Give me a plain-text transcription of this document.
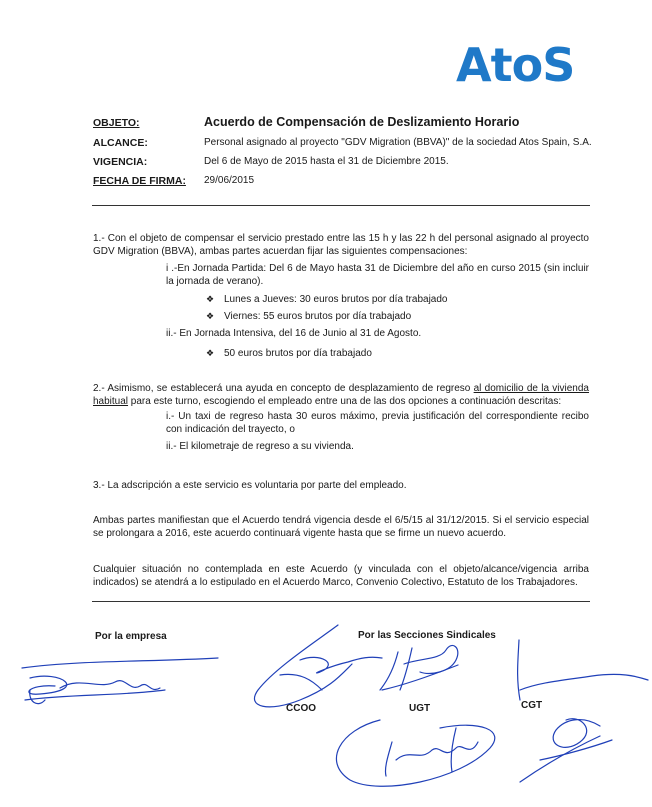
AtoS
OBJETO:	Acuerdo de Compensación de Deslizamiento Horario
ALCANCE:	Personal asignado al proyecto "GDV Migration (BBVA)" de la sociedad Atos Spain, S.A.
VIGENCIA:	Del 6 de Mayo de 2015 hasta el 31 de Diciembre 2015.
FECHA DE FIRMA: 29/06/2015
1.- Con el objeto de compensar el servicio prestado entre las 15 h y las 22 h del personal asignado al proyecto GDV Migration (BBVA), ambas partes acuerdan fijar las siguientes compensaciones:
i .-En Jornada Partida: Del 6 de Mayo hasta 31 de Diciembre del año en curso 2015 (sin incluir la jornada de verano).
❖ Lunes a Jueves: 30 euros brutos por día trabajado
❖ Viernes: 55 euros brutos por día trabajado
ii.- En Jornada Intensiva, del 16 de Junio al 31 de Agosto.
❖ 50 euros brutos por día trabajado
2.- Asimismo, se establecerá una ayuda en concepto de desplazamiento de regreso al domicilio de la vivienda habitual para este turno, escogiendo el empleado entre una de las dos opciones a continuación descritas:
i.- Un taxi de regreso hasta 30 euros máximo, previa justificación del correspondiente recibo con indicación del trayecto, o
ii.- El kilometraje de regreso a su vivienda.
3.- La adscripción a este servicio es voluntaria por parte del empleado.
Ambas partes manifiestan que el Acuerdo tendrá vigencia desde el 6/5/15 al 31/12/2015. Si el servicio especial se prolongara a 2016, este acuerdo continuará vigente hasta que se firme un nuevo acuerdo.
Cualquier situación no contemplada en este Acuerdo (y vinculada con el objeto/alcance/vigencia arriba indicados) se atendrá a lo estipulado en el Acuerdo Marco, Convenio Colectivo, Estatuto de los Trabajadores.
Por la empresa	Por las Secciones Sindicales
CCOO	UGT	CGT
